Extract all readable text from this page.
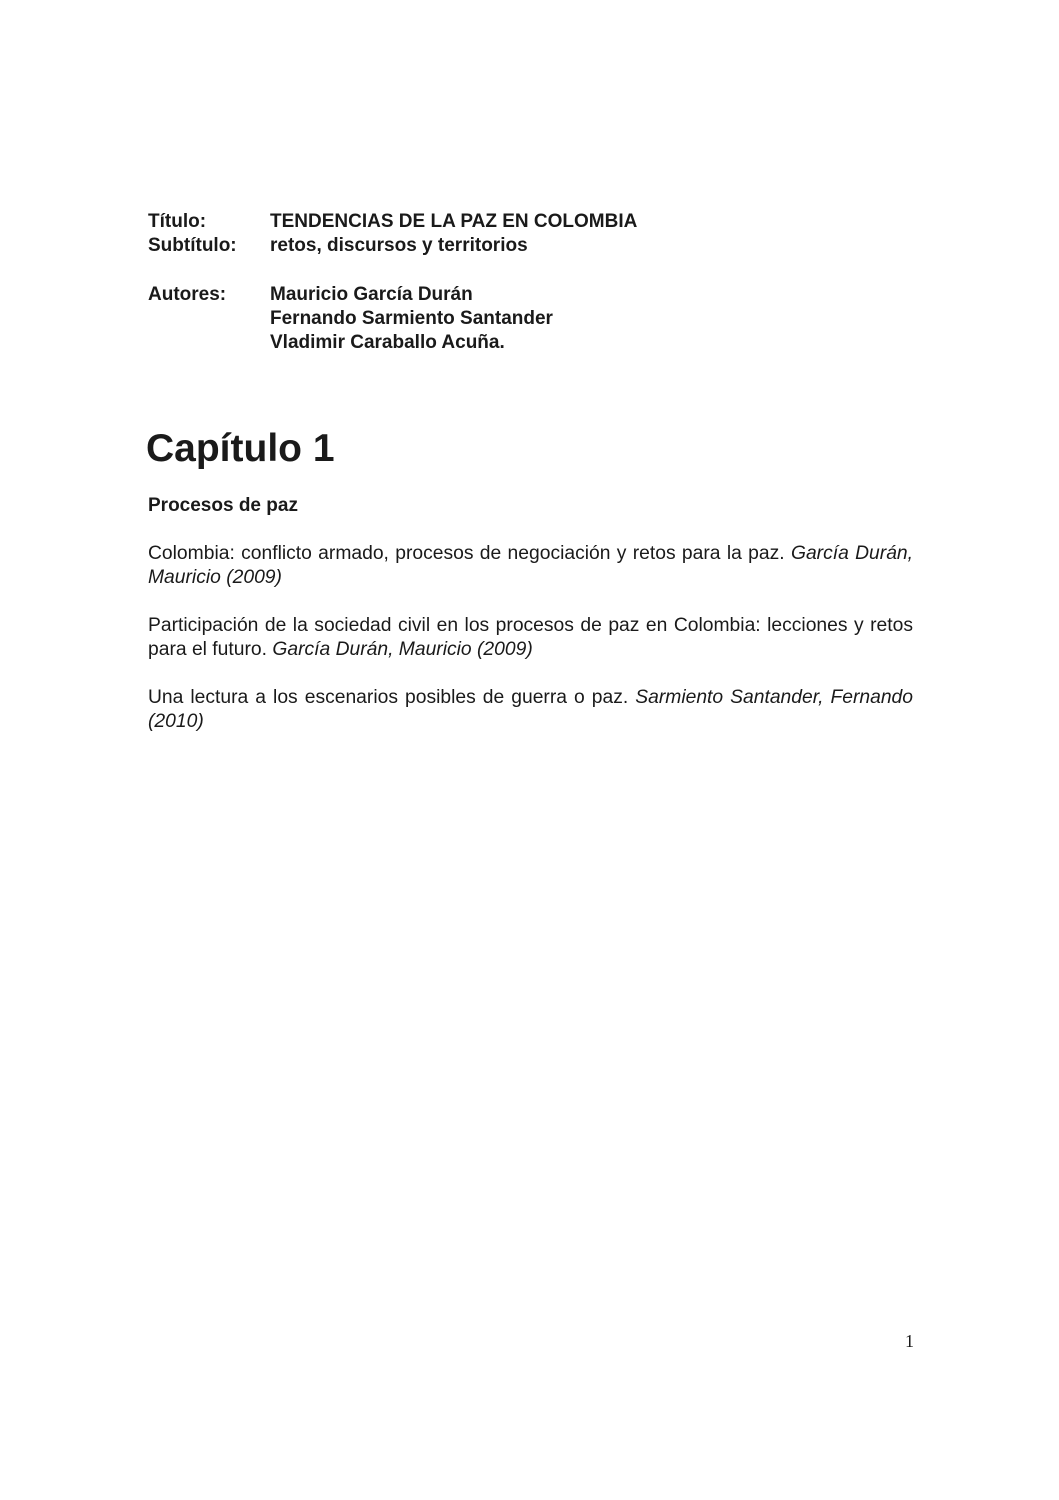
Título:	TENDENCIAS DE LA PAZ EN COLOMBIA
Subtítulo:	retos, discursos y territorios
Autores:	Mauricio García Durán
Fernando Sarmiento Santander
Vladimir Caraballo Acuña.
Capítulo 1
Procesos de paz

Colombia: conflicto armado, procesos de negociación y retos para la paz. García Durán, Mauricio (2009)

Participación de la sociedad civil en los procesos de paz en Colombia: lecciones y retos para el futuro. García Durán, Mauricio (2009)

Una lectura a los escenarios posibles de guerra o paz. Sarmiento Santander, Fernando (2010)

1
